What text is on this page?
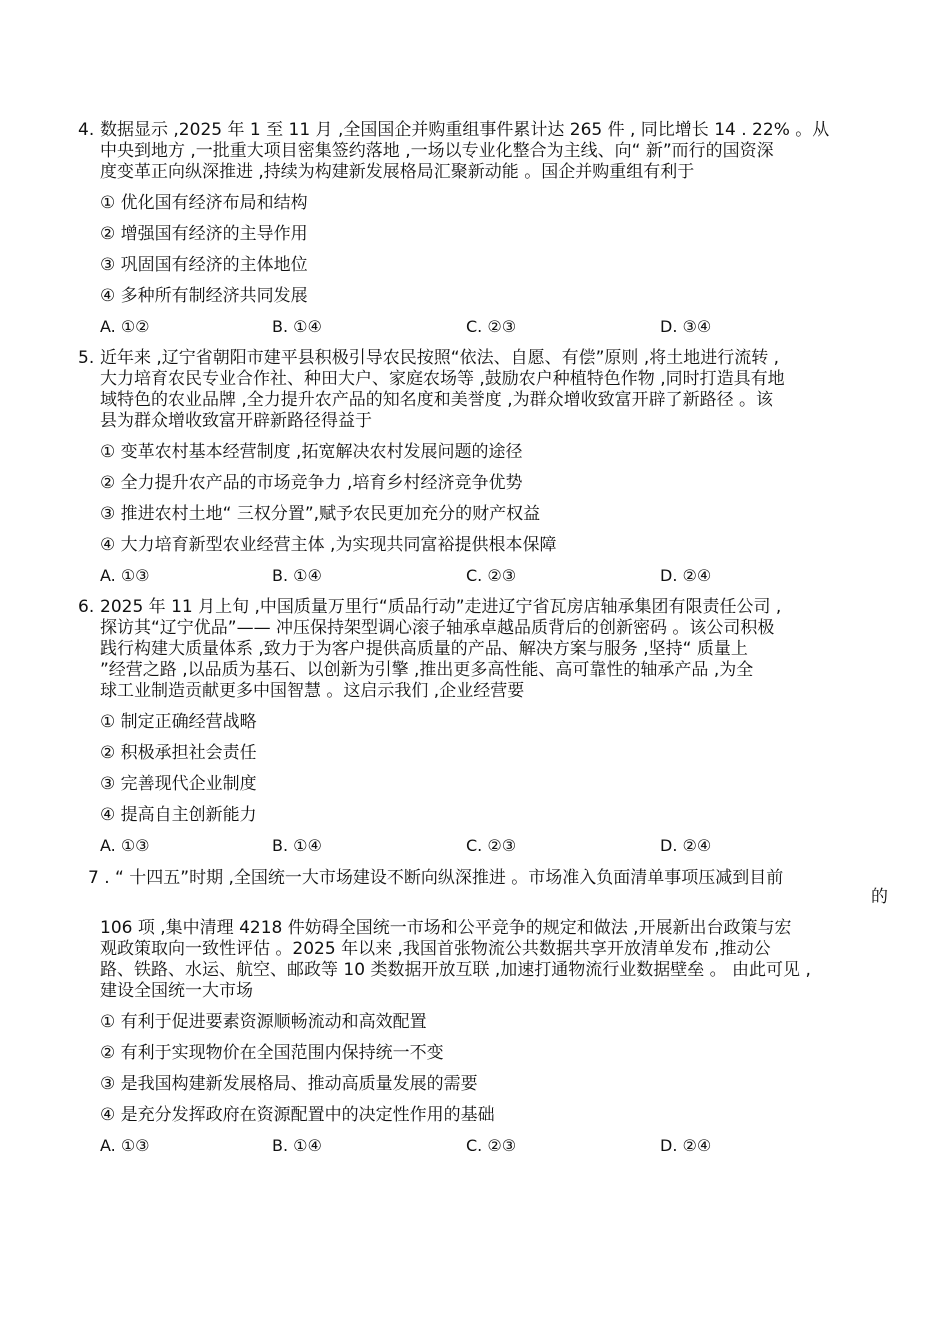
4. 数据显示 ,2025 年 1 至 11 月 ,全国国企并购重组事件累计达 265 件 , 同比增长 14 . 22% 。从
中央到地方 ,一批重大项目密集签约落地 ,一场以专业化整合为主线、向“ 新”而行的国资深
度变革正向纵深推进 ,持续为构建新发展格局汇聚新动能 。国企并购重组有利于

① 优化国有经济布局和结构
② 增强国有经济的主导作用
③ 巩固国有经济的主体地位
④ 多种所有制经济共同发展
A. ①②	B. ①④	C. ②③	D. ③④

5. 近年来 ,辽宁省朝阳市建平县积极引导农民按照“依法、自愿、有偿”原则 ,将土地进行流转 ,
大力培育农民专业合作社、种田大户、家庭农场等 ,鼓励农户种植特色作物 ,同时打造具有地
域特色的农业品牌 ,全力提升农产品的知名度和美誉度 ,为群众增收致富开辟了新路径 。该
县为群众增收致富开辟新路径得益于

① 变革农村基本经营制度 ,拓宽解决农村发展问题的途径
② 全力提升农产品的市场竞争力 ,培育乡村经济竞争优势
③ 推进农村土地“ 三权分置”,赋予农民更加充分的财产权益
④ 大力培育新型农业经营主体 ,为实现共同富裕提供根本保障
A. ①③	B. ①④	C. ②③	D. ②④

6. 2025 年 11 月上旬 ,中国质量万里行“质品行动”走进辽宁省瓦房店轴承集团有限责任公司 ,
探访其“辽宁优品”—— 冲压保持架型调心滚子轴承卓越品质背后的创新密码 。该公司积极
践行构建大质量体系 ,致力于为客户提供高质量的产品、解决方案与服务 ,坚持“ 质量上
”经营之路 ,以品质为基石、以创新为引擎 ,推出更多高性能、高可靠性的轴承产品 ,为全
球工业制造贡献更多中国智慧 。这启示我们 ,企业经营要

① 制定正确经营战略
② 积极承担社会责任
③ 完善现代企业制度
④ 提高自主创新能力
A. ①③	B. ①④	C. ②③	D. ②④
7 . “ 十四五”时期 ,全国统一大市场建设不断向纵深推进 。市场准入负面清单事项压减到目前
的

106 项 ,集中清理 4218 件妨碍全国统一市场和公平竞争的规定和做法 ,开展新出台政策与宏
观政策取向一致性评估 。2025 年以来 ,我国首张物流公共数据共享开放清单发布 ,推动公
路、铁路、水运、航空、邮政等 10 类数据开放互联 ,加速打通物流行业数据壁垒 。 由此可见 ,
建设全国统一大市场

① 有利于促进要素资源顺畅流动和高效配置
② 有利于实现物价在全国范围内保持统一不变
③ 是我国构建新发展格局、推动高质量发展的需要
④ 是充分发挥政府在资源配置中的决定性作用的基础
A. ①③	B. ①④	C. ②③	D. ②④
